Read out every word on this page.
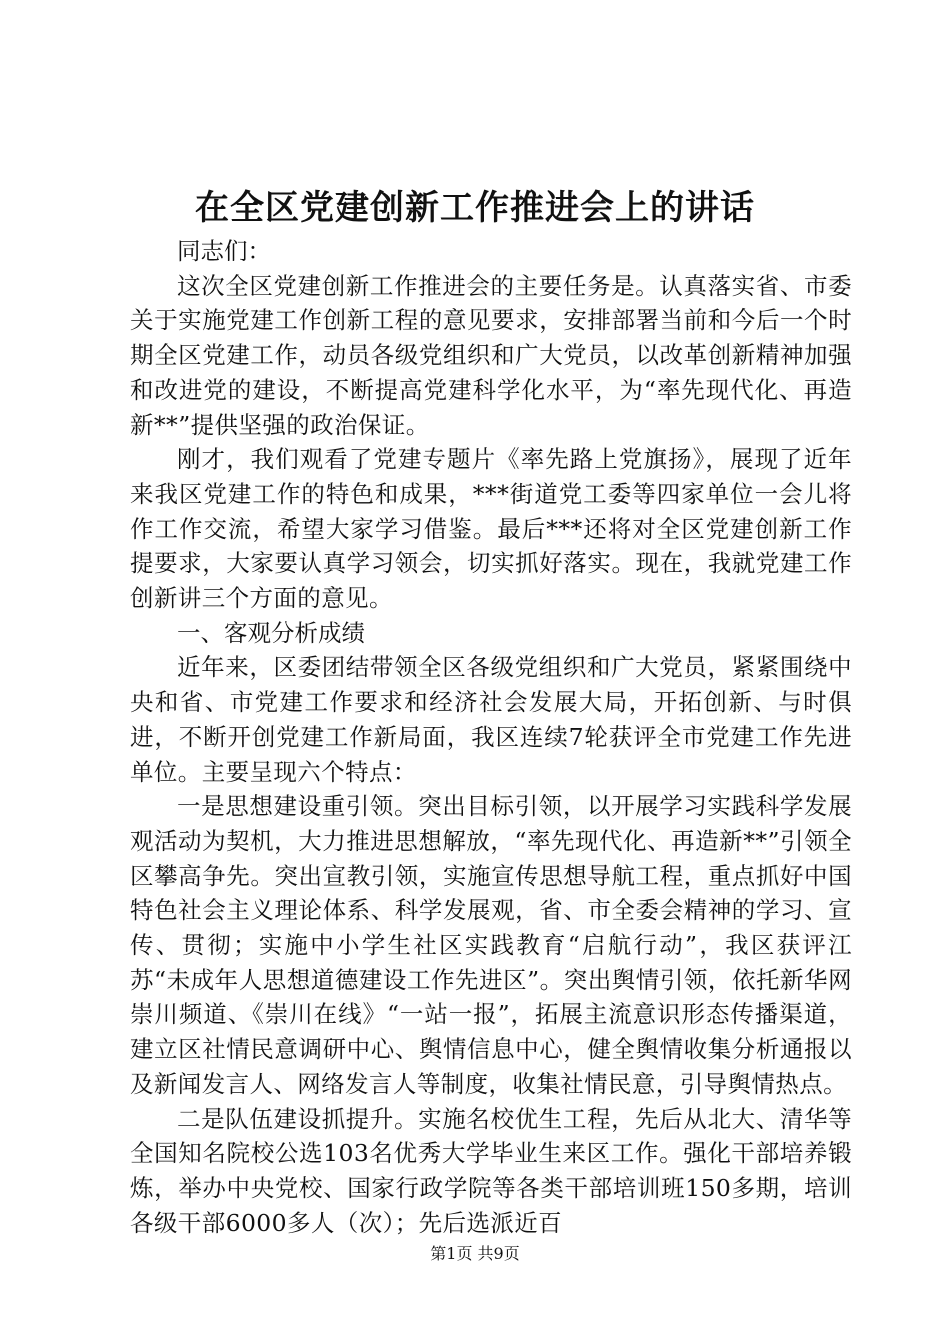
在全区党建创新工作推进会上的讲话

同志们：

这次全区党建创新工作推进会的主要任务是。认真落实省、市委关于实施党建工作创新工程的意见要求，安排部署当前和今后一个时期全区党建工作，动员各级党组织和广大党员，以改革创新精神加强和改进党的建设，不断提高党建科学化水平，为“率先现代化、再造新**”提供坚强的政治保证。

刚才，我们观看了党建专题片《率先路上党旗扬》，展现了近年来我区党建工作的特色和成果，***街道党工委等四家单位一会儿将作工作交流，希望大家学习借鉴。最后***还将对全区党建创新工作提要求，大家要认真学习领会，切实抓好落实。现在，我就党建工作创新讲三个方面的意见。

一、客观分析成绩

近年来，区委团结带领全区各级党组织和广大党员，紧紧围绕中央和省、市党建工作要求和经济社会发展大局，开拓创新、与时俱进，不断开创党建工作新局面，我区连续7轮获评全市党建工作先进单位。主要呈现六个特点：

一是思想建设重引领。突出目标引领，以开展学习实践科学发展观活动为契机，大力推进思想解放，“率先现代化、再造新**”引领全区攀高争先。突出宣教引领，实施宣传思想导航工程，重点抓好中国特色社会主义理论体系、科学发展观，省、市全委会精神的学习、宣传、贯彻；实施中小学生社区实践教育“启航行动”，我区获评江苏“未成年人思想道德建设工作先进区”。突出舆情引领，依托新华网崇川频道、《崇川在线》“一站一报”，拓展主流意识形态传播渠道，建立区社情民意调研中心、舆情信息中心，健全舆情收集分析通报以及新闻发言人、网络发言人等制度，收集社情民意，引导舆情热点。

二是队伍建设抓提升。实施名校优生工程，先后从北大、清华等全国知名院校公选103名优秀大学毕业生来区工作。强化干部培养锻炼，举办中央党校、国家行政学院等各类干部培训班150多期，培训各级干部6000多人（次）；先后选派近百

第1页 共9页
